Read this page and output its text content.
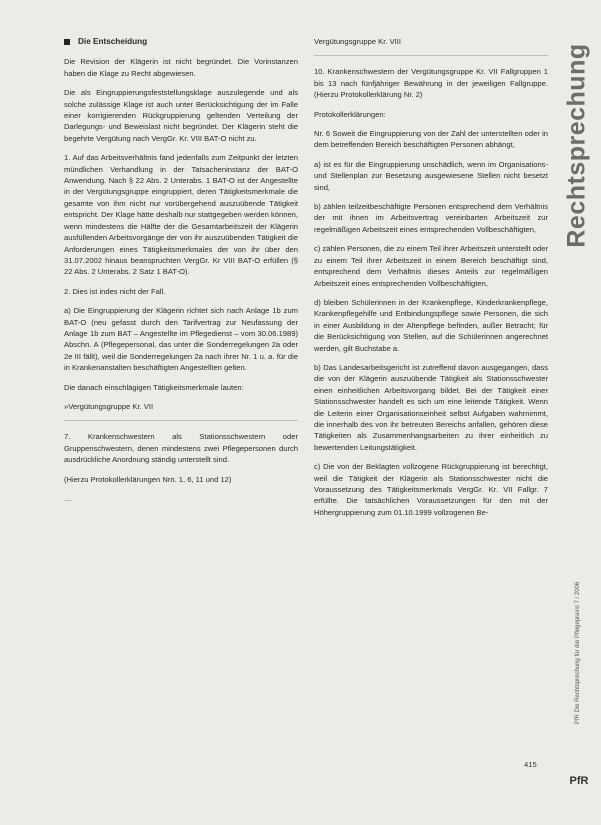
Die Entscheidung

Die Revision der Klägerin ist nicht begründet. Die Vorinstanzen haben die Klage zu Recht abgewiesen.

Die als Eingruppierungsfeststellungsklage auszulegende und als solche zulässige Klage ist auch unter Berücksichtigung der im Falle einer korrigierenden Rückgruppierung geltenden Verteilung der Darlegungs- und Beweislast nicht begründet. Der Klägerin steht die begehrte Vergütung nach VergGr. Kr. VIII BAT-O nicht zu.

1. Auf das Arbeitsverhältnis fand jedenfalls zum Zeitpunkt der letzten mündlichen Verhandlung in der Tatsacheninstanz der BAT-O Anwendung. Nach § 22 Abs. 2 Unterabs. 1 BAT-O ist der Angestellte in der Vergütungsgruppe eingruppiert, deren Tätigkeitsmerkmale die gesamte von ihm nicht nur vorübergehend auszuübende Tätigkeit entspricht. Der Klage hätte deshalb nur stattgegeben werden können, wenn mindestens die Hälfte der die Gesamtarbeitszeit der Klägerin ausfüllenden Arbeitsvorgänge der von ihr auszuübenden Tätigkeit die Anforderungen eines Tätigkeitsmerkmales der von ihr über den 31.07.2002 hinaus beanspruchten VergGr. Kr VIII BAT-O erfüllen (§ 22 Abs. 2 Unterabs. 2 Satz 1 BAT-O).

2. Dies ist indes nicht der Fall.

a) Die Eingruppierung der Klägerin richtet sich nach Anlage 1b zum BAT-O (neu gefasst durch den Tarifvertrag zur Neufassung der Anlage 1b zum BAT – Angestellte im Pflegedienst – vom 30.06.1989) Abschn. A (Pflegepersonal, das unter die Sonderregelungen 2a oder 2e III fällt), weil die Sonderregelungen 2a nach ihrer Nr. 1 u. a. für die in Krankenanstalten beschäftigten Angestellten gelten.

Die danach einschlägigen Tätigkeitsmerkmale lauten:

»Vergütungsgruppe Kr. VII

7. Krankenschwestern als Stationsschwestern oder Gruppenschwestern, denen mindestens zwei Pflegepersonen durch ausdrückliche Anordnung ständig unterstellt sind.

(Hierzu Protokollerklärungen Nrn. 1, 6, 11 und 12)

…

Vergütungsgruppe Kr. VIII

10. Krankenschwestern der Vergütungsgruppe Kr. VII Fallgruppen 1 bis 13 nach fünfjähriger Bewährung in der jeweiligen Fallgruppe. (Hierzu Protokollerklärung Nr. 2)

Protokollerklärungen:

Nr. 6 Soweit die Eingruppierung von der Zahl der unterstellten oder in dem betreffenden Bereich beschäftigten Personen abhängt,

a) ist es für die Eingruppierung unschädlich, wenn im Organisations- und Stellenplan zur Besetzung ausgewiesene Stellen nicht besetzt sind,

b) zählen teilzeitbeschäftigte Personen entsprechend dem Verhältnis der mit ihnen im Arbeitsvertrag vereinbarten Arbeitszeit zur regelmäßigen Arbeitszeit eines entsprechenden Vollbeschäftigten,

c) zählen Personen, die zu einem Teil ihrer Arbeitszeit unterstellt oder zu einem Teil ihrer Arbeitszeit in einem Bereich beschäftigt sind, entsprechend dem Verhältnis dieses Anteils zur regelmäßigen Arbeitszeit eines entsprechenden Vollbeschäftigten,

d) bleiben Schülerinnen in der Krankenpflege, Kinderkrankenpflege, Krankenpflegehilfe und Entbindungspflege sowie Personen, die sich in einer Ausbildung in der Altenpflege befinden, außer Betracht; für die Berücksichtigung von Stellen, auf die Schülerinnen angerechnet werden, gilt Buchstabe a.

b) Das Landesarbeitsgericht ist zutreffend davon ausgegangen, dass die von der Klägerin auszuübende Tätigkeit als Stationsschwester einen einheitlichen Arbeitsvorgang bildet. Bei der Tätigkeit einer Stationsschwester handelt es sich um eine leitende Tätigkeit. Wenn die Leiterin einer Organisationseinheit selbst Aufgaben wahrnimmt, die innerhalb des von ihr betreuten Bereichs anfallen, gehören diese Tätigkeiten als Zusammenhangsarbeiten zu ihrer einheitlich zu bewertenden Leitungstätigkeit.

c) Die von der Beklagten vollzogene Rückgruppierung ist berechtigt, weil die Tätigkeit der Klägerin als Stationsschwester nicht die Voraussetzung des Tätigkeitsmerkmals VergGr. Kr. VII Fallgr. 7 erfüllte. Die tatsächlichen Voraussetzungen für den mit der Höhergruppierung zum 01.10.1999 vollzogenen Be-

Rechtsprechung
PfR Die Rechtsprechung für die Pflegepraxis 7 / 2006
PfR
415
